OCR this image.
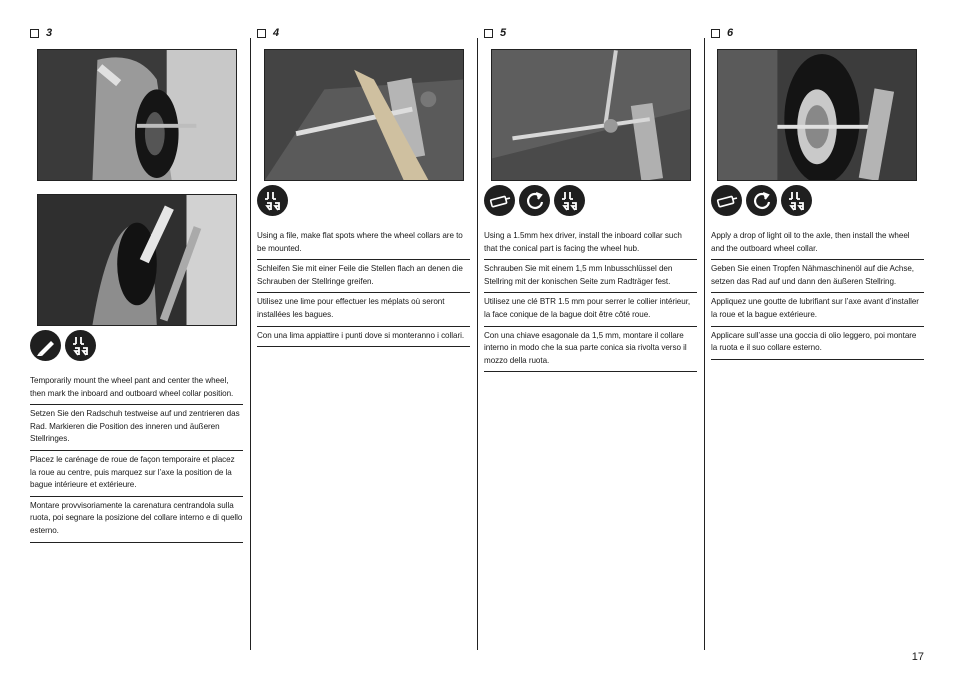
3
Temporarily mount the wheel pant and center the wheel, then mark the inboard and outboard wheel collar position.
Setzen Sie den Radschuh testweise auf und zentrieren das Rad. Markieren die Position des inneren und äußeren Stellringes.
Placez le carénage de roue de façon temporaire et placez la roue au centre, puis marquez sur l’axe la position de la bague intérieure et extérieure.
Montare provvisoriamente la carenatura centrandola sulla ruota, poi segnare la posizione del collare interno e di quello esterno.
4
Using a file, make flat spots where the wheel collars are to be mounted.
Schleifen Sie mit einer Feile die Stellen flach an denen die Schrauben der Stellringe greifen.
Utilisez une lime pour effectuer les méplats où seront installées les bagues.
Con una lima appiattire i punti dove si monteranno i collari.
5
Using a 1.5mm hex driver, install the inboard collar such that the conical part is facing the wheel hub.
Schrauben Sie mit einem 1,5 mm Inbusschlüssel den Stellring mit der konischen Seite zum Radträger fest.
Utilisez une clé BTR 1.5 mm pour serrer le collier intérieur, la face conique de la bague doit être côté roue.
Con una chiave esagonale da 1,5 mm, montare il collare interno in modo che la sua parte conica sia rivolta verso il mozzo della ruota.
6
Apply a drop of light oil to the axle, then install the wheel and the outboard wheel collar.
Geben Sie einen Tropfen Nähmaschinenöl auf die Achse, setzen das Rad auf und dann den äußeren Stellring.
Appliquez une goutte de lubrifiant sur l’axe avant d’installer la roue et la bague extérieure.
Applicare sull’asse una goccia di olio leggero, poi montare la ruota e il suo collare esterno.
17
